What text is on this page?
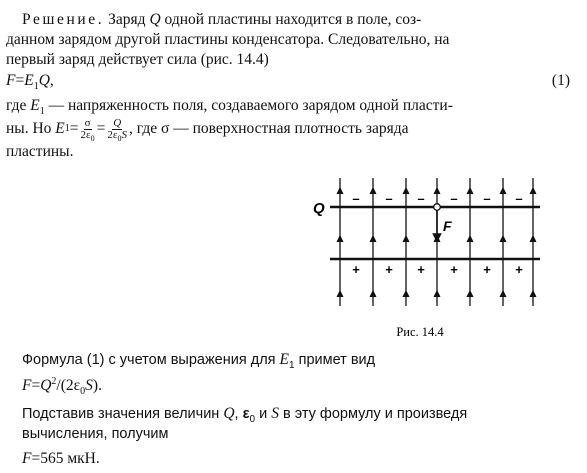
Решение. Заряд Q одной пластины находится в поле, соз-
данном зарядом другой пластины конденсатора. Следовательно, на
первый заряд действует сила (рис. 14.4)
$F=E_1Q$,	(1)
где $E_1$ — напряженность поля, создаваемого зарядом одной пласти-
ны. Но E $1 = \frac{\sigma}{2\varepsilon_0} = \frac{Q}{2\varepsilon_0S}$ , где σ — поверхностная плотность заряда
пластины.
– – – – – –
+ + + + + +
Q
F
Рис. 14.4
Формула (1) с учетом выражения для $E_1$ примет вид
$F=Q^2/(2\varepsilon_0S)$.
Подставив значения величин Q, $\varepsilon_0$ и S в эту формулу и произведя
вычисления, получим
F=565 мкН.
